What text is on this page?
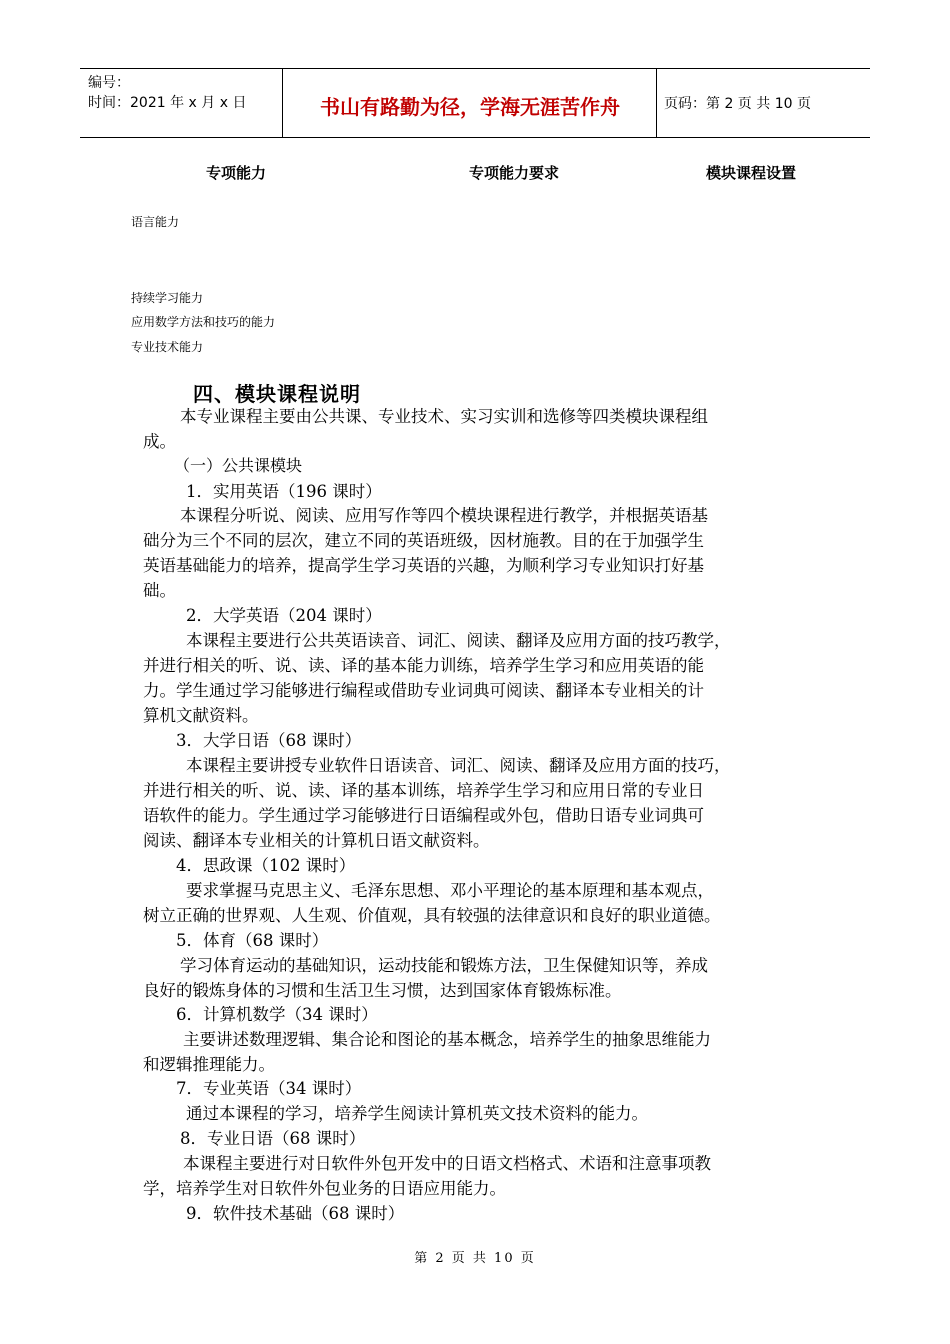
编号：
时间：2021 年 x 月 x 日	书山有路勤为径，学海无涯苦作舟	页码：第 2 页 共 10 页
专项能力	专项能力要求	模块课程设置
语言能力
持续学习能力
应用数学方法和技巧的能力
专业技术能力
四、模块课程说明
本专业课程主要由公共课、专业技术、实习实训和选修等四类模块课程组
成。
（一）公共课模块
1．实用英语（196 课时）
本课程分听说、阅读、应用写作等四个模块课程进行教学，并根据英语基
础分为三个不同的层次，建立不同的英语班级，因材施教。目的在于加强学生
英语基础能力的培养，提高学生学习英语的兴趣，为顺利学习专业知识打好基
础。
2．大学英语（204 课时）
本课程主要进行公共英语读音、词汇、阅读、翻译及应用方面的技巧教学，
并进行相关的听、说、读、译的基本能力训练，培养学生学习和应用英语的能
力。学生通过学习能够进行编程或借助专业词典可阅读、翻译本专业相关的计
算机文献资料。
3．大学日语（68 课时）
本课程主要讲授专业软件日语读音、词汇、阅读、翻译及应用方面的技巧，
并进行相关的听、说、读、译的基本训练，培养学生学习和应用日常的专业日
语软件的能力。学生通过学习能够进行日语编程或外包，借助日语专业词典可
阅读、翻译本专业相关的计算机日语文献资料。
4．思政课（102 课时）
要求掌握马克思主义、毛泽东思想、邓小平理论的基本原理和基本观点，
树立正确的世界观、人生观、价值观，具有较强的法律意识和良好的职业道德。
5．体育（68 课时）
学习体育运动的基础知识，运动技能和锻炼方法，卫生保健知识等，养成
良好的锻炼身体的习惯和生活卫生习惯，达到国家体育锻炼标准。
6．计算机数学（34 课时）
主要讲述数理逻辑、集合论和图论的基本概念，培养学生的抽象思维能力
和逻辑推理能力。
7．专业英语（34 课时）
通过本课程的学习，培养学生阅读计算机英文技术资料的能力。
8．专业日语（68 课时）
本课程主要进行对日软件外包开发中的日语文档格式、术语和注意事项教
学，培养学生对日软件外包业务的日语应用能力。
9．软件技术基础（68 课时）
第 2 页 共 10 页
